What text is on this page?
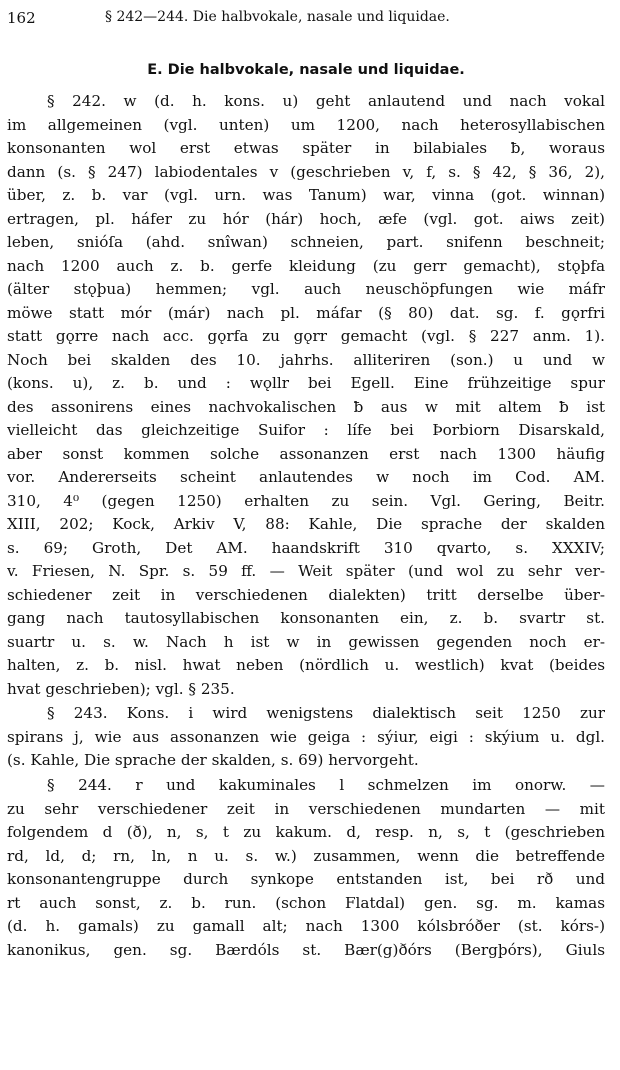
162	§ 242—244. Die halbvokale, nasale und liquidae.
E. Die halbvokale, nasale und liquidae.
§ 242. w (d. h. kons. u) geht anlautend und nach vokal
im allgemeinen (vgl. unten) um 1200, nach heterosyllabischen
konsonanten wol erst etwas später in bilabiales ƀ, woraus
dann (s. § 247) labiodentales v (geschrieben v, f, s. § 42, § 36, 2),
über, z. b. var (vgl. urn. was Tanum) war, vinna (got. winnan)
ertragen, pl. háfer zu hór (hár) hoch, æfe (vgl. got. aiws zeit)
leben, snióſa (ahd. snîwan) schneien, part. snifenn beschneit;
nach 1200 auch z. b. gerfe kleidung (zu gerr gemacht), stǫþfa
(älter stǫþua) hemmen; vgl. auch neuschöpfungen wie máfr
möwe statt mór (már) nach pl. máfar (§ 80) dat. sg. f. gǫrfri
statt gǫrre nach acc. gǫrfa zu gǫrr gemacht (vgl. § 227 anm. 1).
Noch bei skalden des 10. jahrhs. alliteriren (son.) u und w
(kons. u), z. b. und : wǫllr bei Egell. Eine frühzeitige spur
des assonirens eines nachvokalischen ƀ aus w mit altem ƀ ist
vielleicht das gleichzeitige Suifor : lífe bei Þorbiorn Disarskald,
aber sonst kommen solche assonanzen erst nach 1300 häufig
vor. Andererseits scheint anlautendes w noch im Cod. AM.
310, 4⁰ (gegen 1250) erhalten zu sein. Vgl. Gering, Beitr.
XIII, 202; Kock, Arkiv V, 88: Kahle, Die sprache der skalden
s. 69; Groth, Det AM. haandskrift 310 qvarto, s. XXXIV;
v. Friesen, N. Spr. s. 59 ff. — Weit später (und wol zu sehr ver-
schiedener zeit in verschiedenen dialekten) tritt derselbe über-
gang nach tautosyllabischen konsonanten ein, z. b. svartr st.
suartr u. s. w. Nach h ist w in gewissen gegenden noch er-
halten, z. b. nisl. hwat neben (nördlich u. westlich) kvat (beides
hvat geschrieben); vgl. § 235.
§ 243. Kons. i wird wenigstens dialektisch seit 1250 zur
spirans j, wie aus assonanzen wie geiga : sýiur, eigi : skýium u. dgl.
(s. Kahle, Die sprache der skalden, s. 69) hervorgeht.
§ 244. r und kakuminales l schmelzen im onorw. —
zu sehr verschiedener zeit in verschiedenen mundarten — mit
folgendem d (ð), n, s, t zu kakum. d, resp. n, s, t (geschrieben
rd, ld, d; rn, ln, n u. s. w.) zusammen, wenn die betreffende
konsonantengruppe durch synkope entstanden ist, bei rð und
rt auch sonst, z. b. run. (schon Flatdal) gen. sg. m. kamas
(d. h. gamals) zu gamall alt; nach 1300 kólsbróðer (st. kórs-)
kanonikus, gen. sg. Bærdóls st. Bær(g)ðórs (Bergþórs), Giuls
